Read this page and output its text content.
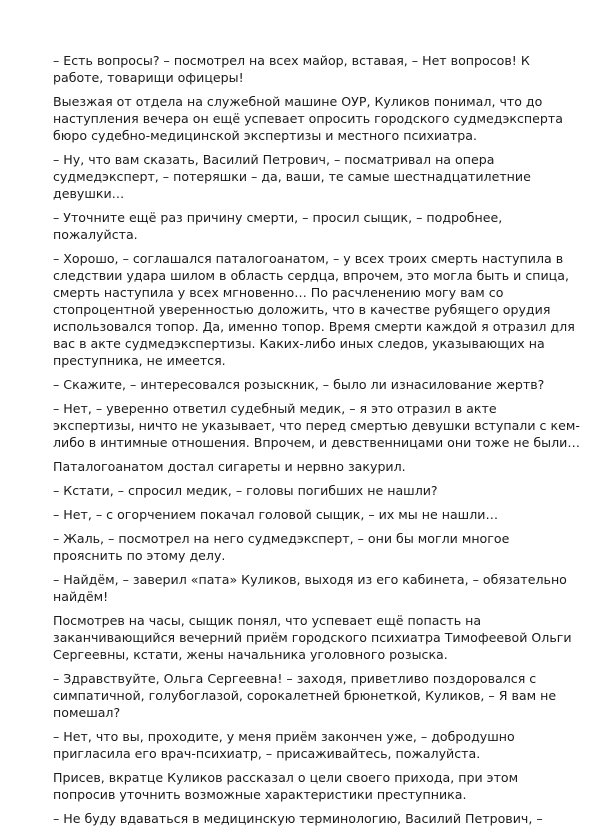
– Есть вопросы? – посмотрел на всех майор, вставая, – Нет вопросов! К
работе, товарищи офицеры!

Выезжая от отдела на служебной машине ОУР, Куликов понимал, что до
наступления вечера он ещё успевает опросить городского судмедэксперта
бюро судебно-медицинской экспертизы и местного психиатра.

– Ну, что вам сказать, Василий Петрович, – посматривал на опера
судмедэксперт, – потеряшки – да, ваши, те самые шестнадцатилетние
девушки…

– Уточните ещё раз причину смерти, – просил сыщик, – подробнее,
пожалуйста.

– Хорошо, – соглашался паталогоанатом, – у всех троих смерть наступила в
следствии удара шилом в область сердца, впрочем, это могла быть и спица,
смерть наступила у всех мгновенно… По расчленению могу вам со
стопроцентной уверенностью доложить, что в качестве рубящего орудия
использовался топор. Да, именно топор. Время смерти каждой я отразил для
вас в акте судмедэкспертизы. Каких-либо иных следов, указывающих на
преступника, не имеется.

– Скажите, – интересовался розыскник, – было ли изнасилование жертв?

– Нет, – уверенно ответил судебный медик, – я это отразил в акте
экспертизы, ничто не указывает, что перед смертью девушки вступали с кем-
либо в интимные отношения. Впрочем, и девственницами они тоже не были…

Паталогоанатом достал сигареты и нервно закурил.

– Кстати, – спросил медик, – головы погибших не нашли?

– Нет, – с огорчением покачал головой сыщик, – их мы не нашли…

– Жаль, – посмотрел на него судмедэксперт, – они бы могли многое
прояснить по этому делу.

– Найдём, – заверил «пата» Куликов, выходя из его кабинета, – обязательно
найдём!

Посмотрев на часы, сыщик понял, что успевает ещё попасть на
заканчивающийся вечерний приём городского психиатра Тимофеевой Ольги
Сергеевны, кстати, жены начальника уголовного розыска.

– Здравствуйте, Ольга Сергеевна! – заходя, приветливо поздоровался с
симпатичной, голубоглазой, сорокалетней брюнеткой, Куликов, – Я вам не
помешал?

– Нет, что вы, проходите, у меня приём закончен уже, – добродушно
пригласила его врач-психиатр, – присаживайтесь, пожалуйста.

Присев, вкратце Куликов рассказал о цели своего прихода, при этом
попросив уточнить возможные характеристики преступника.

– Не буду вдаваться в медицинскую терминологию, Василий Петрович, –
